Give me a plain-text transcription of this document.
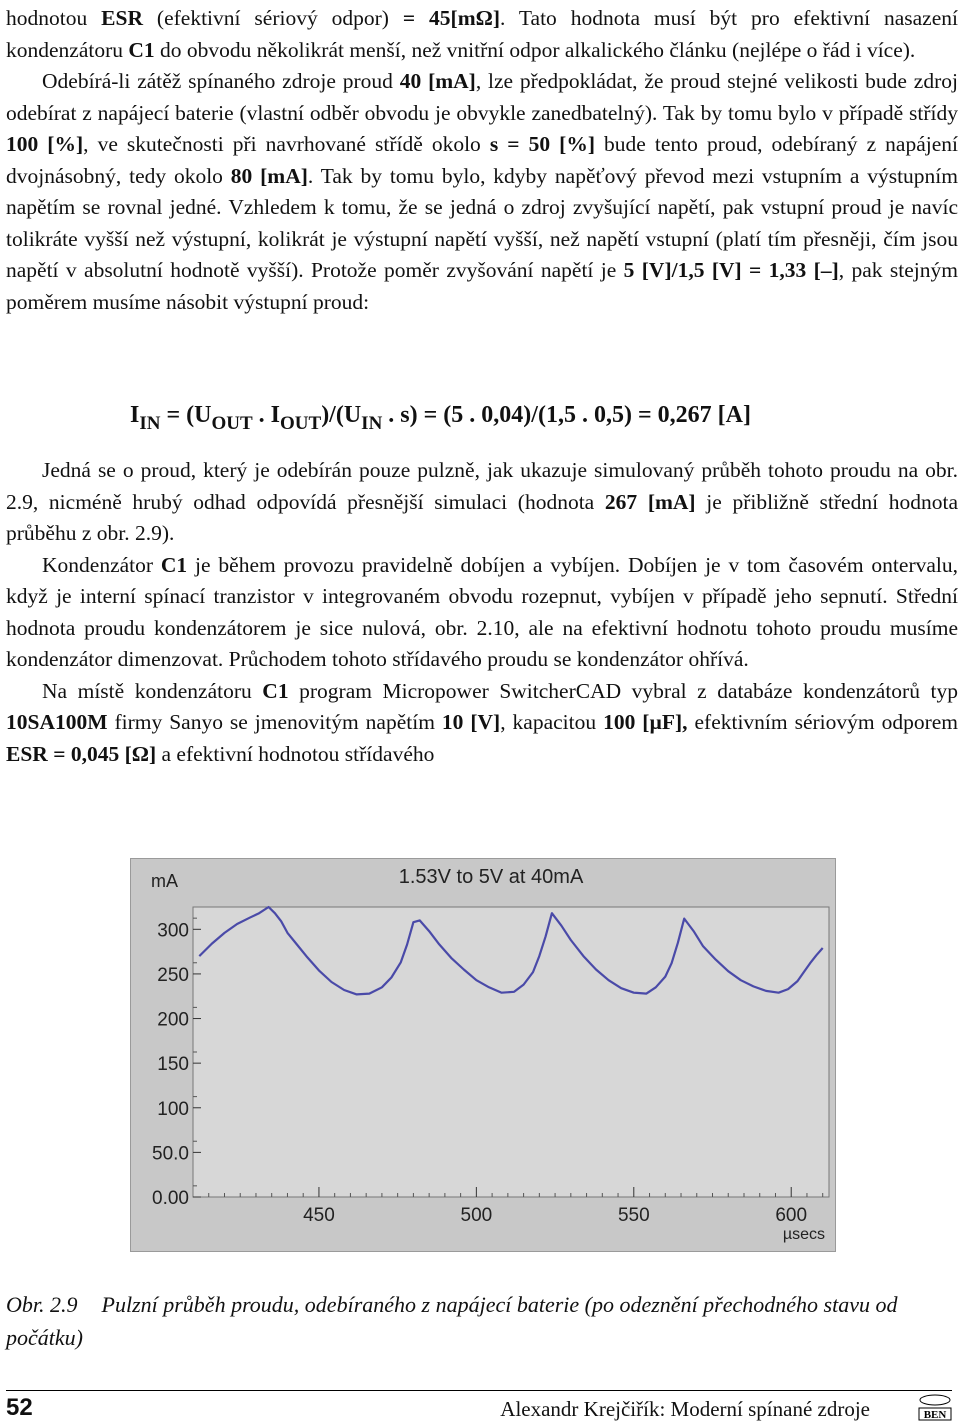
hodnotou ESR (efektivní sériový odpor) = 45[mΩ]. Tato hodnota musí být pro efektivní nasazení kondenzátoru C1 do obvodu několikrát menší, než vnitřní odpor alkalického článku (nejlépe o řád i více).

Odebírá-li zátěž spínaného zdroje proud 40 [mA], lze předpokládat, že proud stejné velikosti bude zdroj odebírat z napájecí baterie (vlastní odběr obvodu je obvykle zanedbatelný). Tak by tomu bylo v případě střídy 100 [%], ve skutečnosti při navrhované střídě okolo s = 50 [%] bude tento proud, odebíraný z napájení dvojnásobný, tedy okolo 80 [mA]. Tak by tomu bylo, kdyby napěťový převod mezi vstupním a výstupním napětím se rovnal jedné. Vzhledem k tomu, že se jedná o zdroj zvyšující napětí, pak vstupní proud je navíc tolikráte vyšší než výstupní, kolikrát je výstupní napětí vyšší, než napětí vstupní (platí tím přesněji, čím jsou napětí v absolutní hodnotě vyšší). Protože poměr zvyšování napětí je 5 [V]/1,5 [V] = 1,33 [–], pak stejným poměrem musíme násobit výstupní proud:

$I_{IN} = (U_{OUT}$ . $I_{OUT})/(U_{IN}$ . s) = (5 . 0,04)/(1,5 . 0,5) = 0,267 [A]

Jedná se o proud, který je odebírán pouze pulzně, jak ukazuje simulovaný průběh tohoto proudu na obr. 2.9, nicméně hrubý odhad odpovídá přesnější simulaci (hodnota 267 [mA] je přibližně střední hodnota průběhu z obr. 2.9).

Kondenzátor C1 je během provozu pravidelně dobíjen a vybíjen. Dobíjen je v tom časovém ontervalu, když je interní spínací tranzistor v integrovaném obvodu rozepnut, vybíjen v případě jeho sepnutí. Střední hodnota proudu kondenzátorem je sice nulová, obr. 2.10, ale na efektivní hodnotu tohoto proudu musíme kondenzátor dimenzovat. Průchodem tohoto střídavého proudu se kondenzátor ohřívá.

Na místě kondenzátoru C1 program Micropower SwitcherCAD vybral z databáze kondenzátorů typ 10SA100M firmy Sanyo se jmenovitým napětím 10 [V], kapacitou 100 [µF], efektivním sériovým odporem ESR = 0,045 [Ω] a efektivní hodnotou střídavého

1.53V to 5V at 40mA
mA
µsecs
0.00
50.0
100
150
200
250
300
450	500	550	600
Obr. 2.9 Pulzní průběh proudu, odebíraného z napájecí baterie (po odeznění přechodného stavu od počátku)
52	Alexandr Krejčiřík: Moderní spínané zdroje	BEN
